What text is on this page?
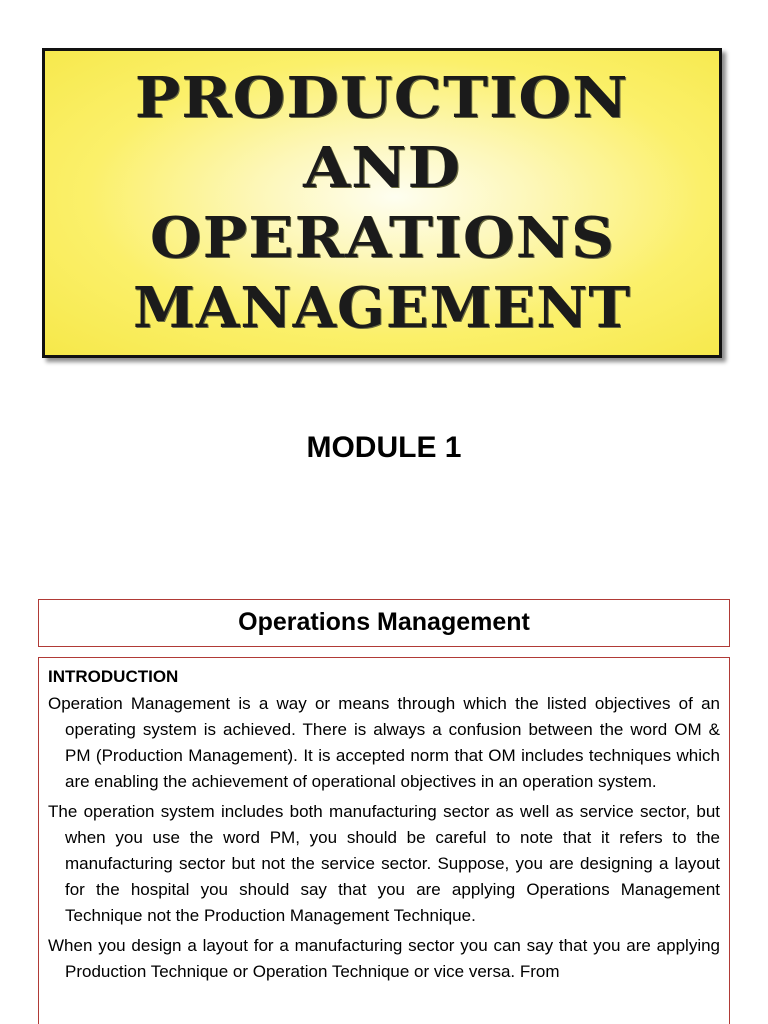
PRODUCTION
AND
OPERATIONS
MANAGEMENT
MODULE 1
Operations Management
INTRODUCTION

Operation Management is a way or means through which the listed objectives of an operating system is achieved. There is always a confusion between the word OM & PM (Production Management). It is accepted norm that OM includes techniques which are enabling the achievement of operational objectives in an operation system.

The operation system includes both manufacturing sector as well as service sector, but when you use the word PM, you should be careful to note that it refers to the manufacturing sector but not the service sector. Suppose, you are designing a layout for the hospital you should say that you are applying Operations Management Technique not the Production Management Technique.

When you design a layout for a manufacturing sector you can say that you are applying Production Technique or Operation Technique or vice versa. From
